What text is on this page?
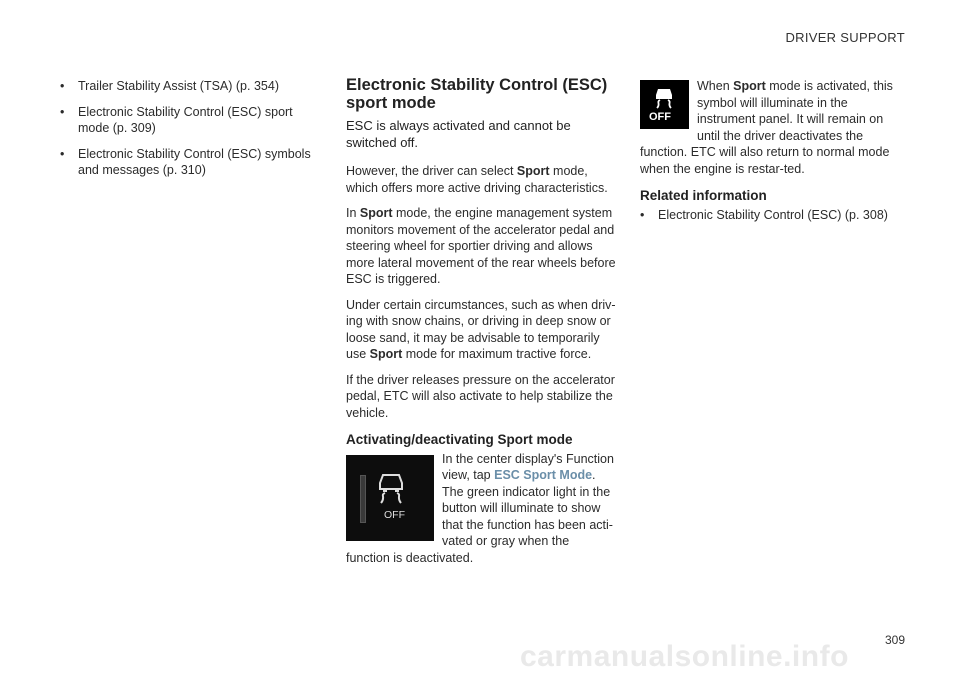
DRIVER SUPPORT
• Trailer Stability Assist (TSA) (p. 354)
• Electronic Stability Control (ESC) sport mode (p. 309)
• Electronic Stability Control (ESC) symbols and messages (p. 310)
Electronic Stability Control (ESC) sport mode
ESC is always activated and cannot be switched off.

However, the driver can select Sport mode, which offers more active driving characteristics.

In Sport mode, the engine management system monitors movement of the accelerator pedal and steering wheel for sportier driving and allows more lateral movement of the rear wheels before ESC is triggered.

Under certain circumstances, such as when driv-ing with snow chains, or driving in deep snow or loose sand, it may be advisable to temporarily use Sport mode for maximum tractive force.

If the driver releases pressure on the accelerator pedal, ETC will also activate to help stabilize the vehicle.

Activating/deactivating Sport mode
OFF

In the center display's Function view, tap ESC Sport Mode. The green indicator light in the button will illuminate to show that the function has been acti-vated or gray when the function is deactivated.

OFF

When Sport mode is activated, this symbol will illuminate in the instrument panel. It will remain on until the driver deactivates the function. ETC will also return to normal mode when the engine is restar-ted.

Related information
• Electronic Stability Control (ESC) (p. 308)
309
carmanualsonline.info
